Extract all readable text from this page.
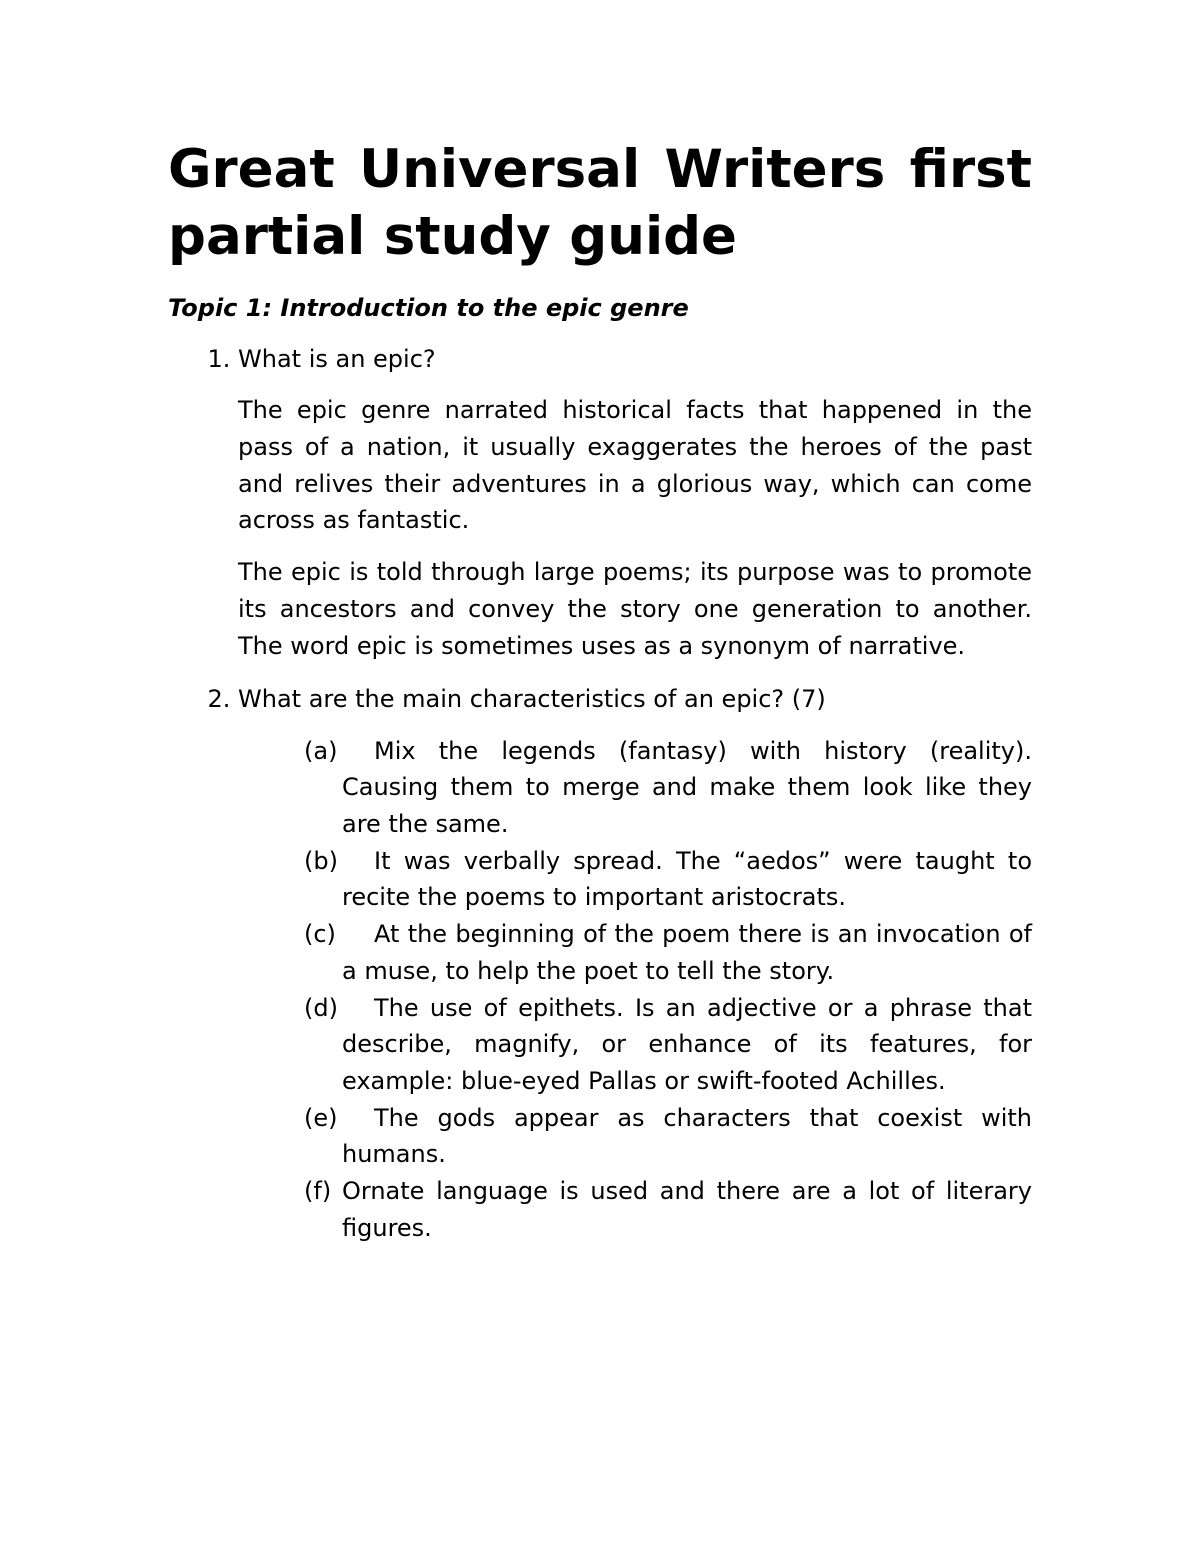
Great Universal Writers first partial study guide
Topic 1: Introduction to the epic genre
1. What is an epic?

The epic genre narrated historical facts that happened in the pass of a nation, it usually exaggerates the heroes of the past and relives their adventures in a glorious way, which can come across as fantastic.

The epic is told through large poems; its purpose was to promote its ancestors and convey the story one generation to another. The word epic is sometimes uses as a synonym of narrative.

2. What are the main characteristics of an epic? (7)
(a)	Mix the legends (fantasy) with history (reality). Causing them to merge and make them look like they are the same.
(b)	It was verbally spread. The “aedos” were taught to recite the poems to important aristocrats.
(c)	At the beginning of the poem there is an invocation of a muse, to help the poet to tell the story.
(d)	The use of epithets. Is an adjective or a phrase that describe, magnify, or enhance of its features, for example: blue-eyed Pallas or swift-footed Achilles.
(e)	The gods appear as characters that coexist with humans.
(f) Ornate language is used and there are a lot of literary figures.
